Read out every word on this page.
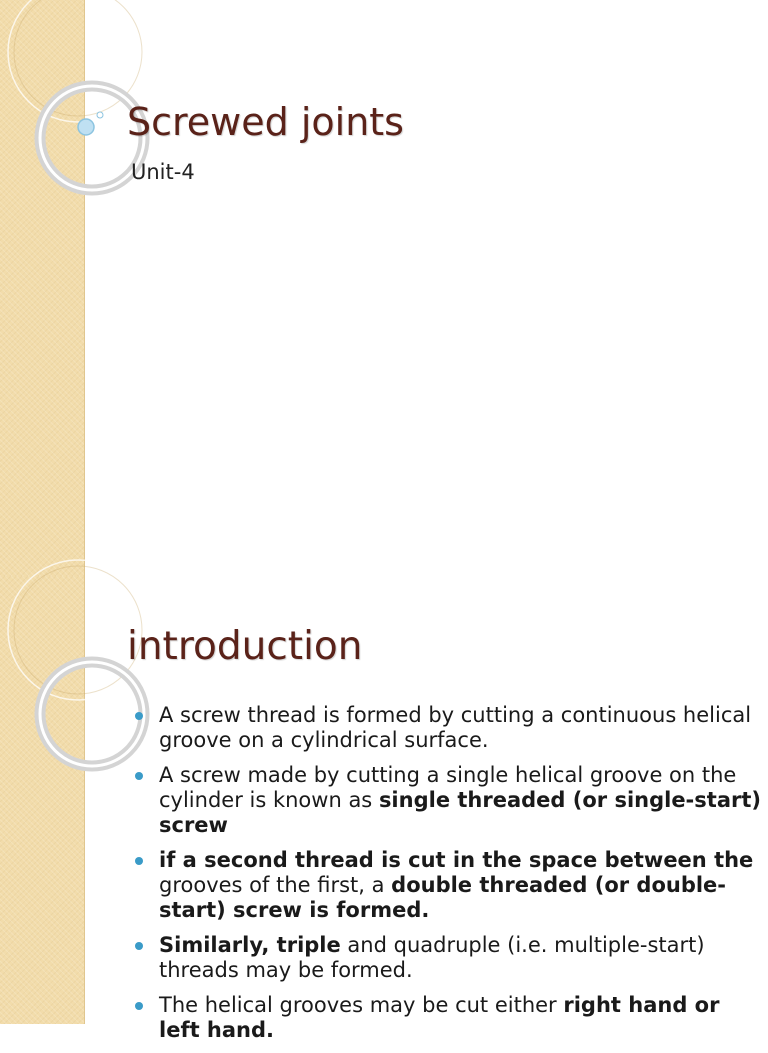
Screwed joints
Unit-4
introduction
A screw thread is formed by cutting a continuous helical groove on a cylindrical surface.
A screw made by cutting a single helical groove on the cylinder is known as single threaded (or single-start) screw
if a second thread is cut in the space between the grooves of the first, a double threaded (or double-start) screw is formed.
Similarly, triple and quadruple (i.e. multiple-start) threads may be formed.
The helical grooves may be cut either right hand or left hand.
